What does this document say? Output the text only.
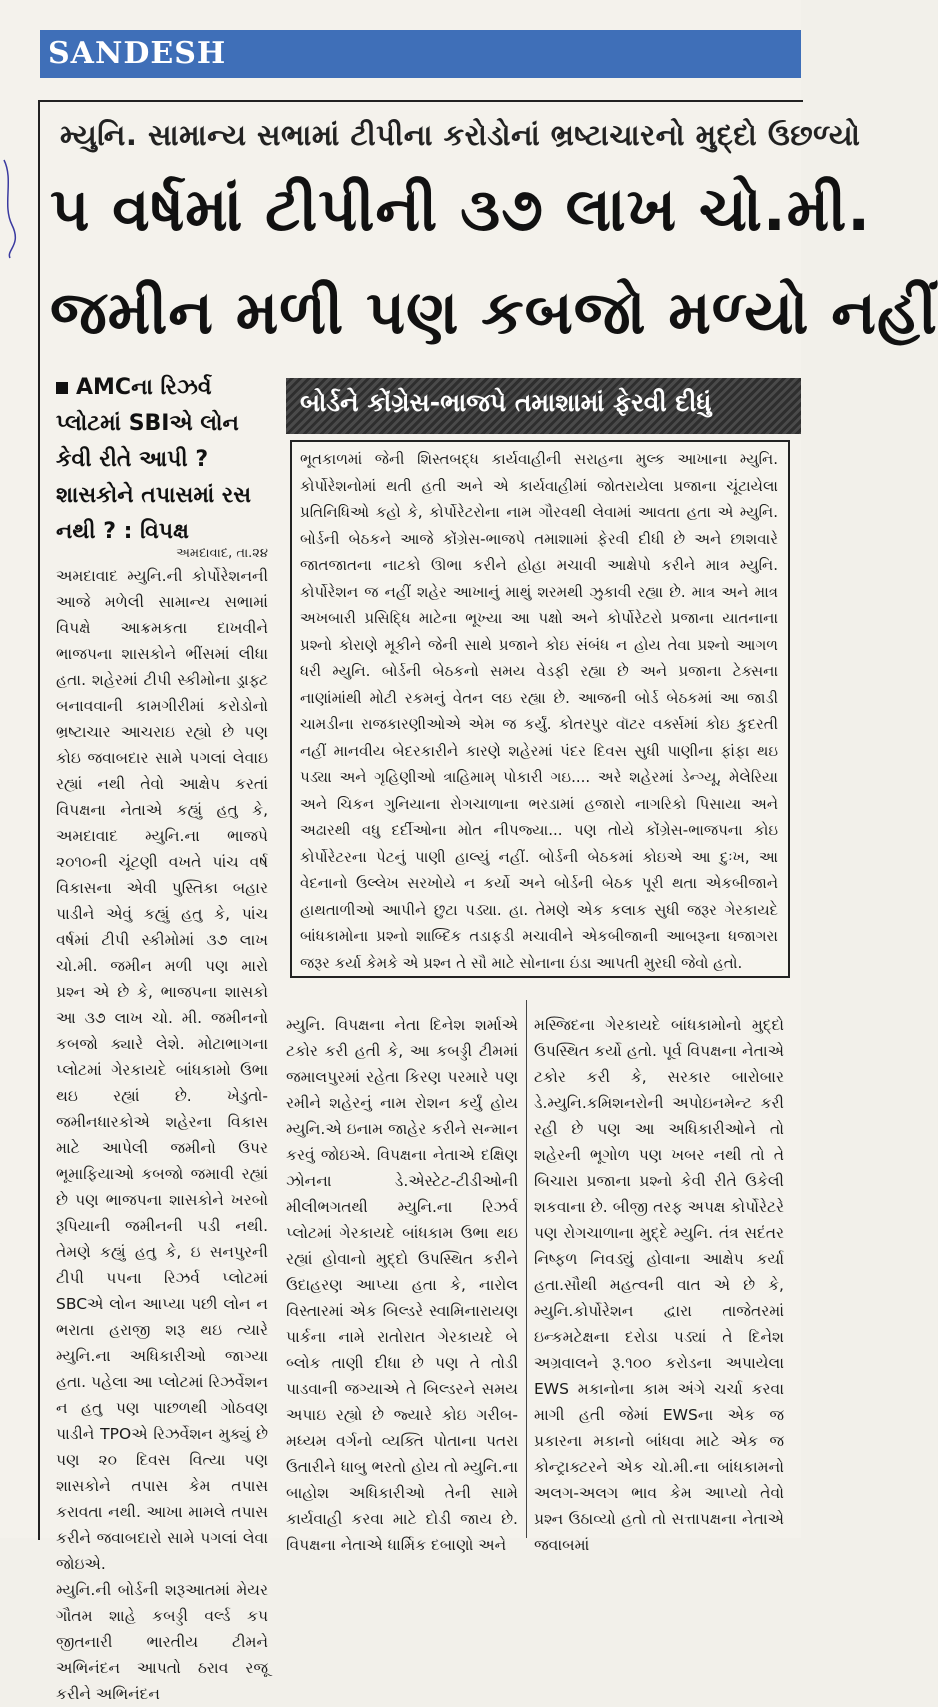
SANDESH
મ્યુનિ. સામાન્ય સભામાં ટીપીના કરોડોનાં ભ્રષ્ટાચારનો મુદ્દો ઉછળ્યો
૫ વર્ષમાં ટીપીની ૩૭ લાખ ચો.મી.
જમીન મળી પણ કબજો મળ્યો નહીં
AMCના રિઝર્વ પ્લોટમાં SBIએ લોન કેવી રીતે આપી ? શાસકોને તપાસમાં રસ નથી ? : વિપક્ષ
બોર્ડને કોંગ્રેસ-ભાજપે તમાશામાં ફેરવી દીધું

ભૂતકાળમાં જેની શિસ્તબદ્ધ કાર્યવાહીની સરાહના મુલ્ક આખાના મ્યુનિ. કોર્પોરેશનોમાં થતી હતી અને એ કાર્યવાહીમાં જોતરાયેલા પ્રજાના ચૂંટાયેલા પ્રતિનિધિઓ કહો કે, કોર્પોરેટરોના નામ ગૌરવથી લેવામાં આવતા હતા એ મ્યુનિ. બોર્ડની બેઠકને આજે કોંગ્રેસ-ભાજપે તમાશામાં ફેરવી દીધી છે અને છાશવારે જાતજાતના નાટકો ઊભા કરીને હોહા મચાવી આક્ષેપો કરીને માત્ર મ્યુનિ. કોર્પોરેશન જ નહીં શહેર આખાનું માથું શરમથી ઝુકાવી રહ્યા છે. માત્ર અને માત્ર અખબારી પ્રસિદ્ધિ માટેના ભૂખ્યા આ પક્ષો અને કોર્પોરેટરો પ્રજાના યાતનાના પ્રશ્નો કોરાણે મૂકીને જેની સાથે પ્રજાને કોઇ સંબંધ ન હોય તેવા પ્રશ્નો આગળ ધરી મ્યુનિ. બોર્ડની બેઠકનો સમય વેડફી રહ્યા છે અને પ્રજાના ટેક્સના નાણાંમાંથી મોટી રકમનું વેતન લઇ રહ્યા છે. આજની બોર્ડ બેઠકમાં આ જાડી ચામડીના રાજકારણીઓએ એમ જ કર્યું. કોતરપુર વૉટર વર્ક્સમાં કોઇ કુદરતી નહીં માનવીય બેદરકારીને કારણે શહેરમાં પંદર દિવસ સુધી પાણીના ફાંફા થઇ પડ્યા અને ગૃહિણીઓ ત્રાહિમામ્ પોકારી ગઇ.... અરે શહેરમાં ડેન્ગ્યૂ, મેલેરિયા અને ચિકન ગુનિયાના રોગચાળાના ભરડામાં હજારો નાગરિકો પિસાયા અને અઢારથી વધુ દર્દીઓના મોત નીપજ્યા... પણ તોયે કોંગ્રેસ-ભાજપના કોઇ કોર્પોરેટરના પેટનું પાણી હાલ્યું નહીં. બોર્ડની બેઠકમાં કોઇએ આ દુઃખ, આ વેદનાનો ઉલ્લેખ સરખોયે ન કર્યો અને બોર્ડની બેઠક પૂરી થતા એકબીજાને હાથતાળીઓ આપીને છુટા પડ્યા. હા. તેમણે એક કલાક સુધી જરૂર ગેરકાયદે બાંધકામોના પ્રશ્નો શાબ્દિક તડાફડી મચાવીને એકબીજાની આબરૂના ધજાગરા જરૂર કર્યા કેમકે એ પ્રશ્ન તે સૌ માટે સોનાના ઇંડા આપતી મુરઘી જેવો હતો.

અમદાવાદ, તા.૨૪

અમદાવાદ મ્યુનિ.ની કોર્પોરેશનની આજે મળેલી સામાન્ય સભામાં વિપક્ષે આક્રમકતા દાખવીને ભાજપના શાસકોને ભીંસમાં લીધા હતા. શહેરમાં ટીપી સ્કીમોના ડ્રાફ્ટ બનાવવાની કામગીરીમાં કરોડોનો ભ્રષ્ટાચાર આચરાઇ રહ્યો છે પણ કોઇ જવાબદાર સામે પગલાં લેવાઇ રહ્યાં નથી તેવો આક્ષેપ કરતાં વિપક્ષના નેતાએ કહ્યું હતુ કે, અમદાવાદ મ્યુનિ.ના ભાજપે ૨૦૧૦ની ચૂંટણી વખતે પાંચ વર્ષ વિકાસના એવી પુસ્તિકા બહાર પાડીને એવું કહ્યું હતુ કે, પાંચ વર્ષમાં ટીપી સ્કીમોમાં ૩૭ લાખ ચો.મી. જમીન મળી પણ મારો પ્રશ્ન એ છે કે, ભાજપના શાસકો આ ૩૭ લાખ ચો. મી. જમીનનો કબજો ક્યારે લેશે. મોટાભાગના પ્લોટમાં ગેરકાયદે બાંધકામો ઉભા થઇ રહ્યાં છે. ખેડુતો-જમીનધારકોએ શહેરના વિકાસ માટે આપેલી જમીનો ઉપર ભૂમાફિયાઓ કબજો જમાવી રહ્યાં છે પણ ભાજપના શાસકોને ખરબો રૂપિયાની જમીનની પડી નથી. તેમણે કહ્યું હતુ કે, ઇ સનપુરની ટીપી પપના રિઝર્વ પ્લોટમાં SBCએ લોન આપ્યા પછી લોન ન ભરાતા હરાજી શરૂ થઇ ત્યારે મ્યુનિ.ના અધિકારીઓ જાગ્યા હતા. પહેલા આ પ્લોટમાં રિઝર્વેશન ન હતુ પણ પાછળથી ગોઠવણ પાડીને TPOએ રિઝર્વેશન મુક્યું છે પણ ૨૦ દિવસ વિત્યા પણ શાસકોને તપાસ કેમ તપાસ કરાવતા નથી. આખા મામલે તપાસ કરીને જવાબદારો સામે પગલાં લેવા જોઇએ.

મ્યુનિ.ની બોર્ડની શરૂઆતમાં મેયર ગૌતમ શાહે કબડ્ડી વર્લ્ડ કપ જીતનારી ભારતીય ટીમને અભિનંદન આપતો ઠરાવ રજૂ કરીને અભિનંદન

મ્યુનિ. વિપક્ષના નેતા દિનેશ શર્માએ ટકોર કરી હતી કે, આ કબડ્ડી ટીમમાં જમાલપુરમાં રહેતા કિરણ પરમારે પણ રમીને શહેરનું નામ રોશન કર્યું હોય મ્યુનિ.એ ઇનામ જાહેર કરીને સન્માન કરવું જોઇએ. વિપક્ષના નેતાએ દક્ષિણ ઝોનના ડે.એસ્ટેટ-ટીડીઓની મીલીભગતથી મ્યુનિ.ના રિઝર્વ પ્લોટમાં ગેરકાયદે બાંધકામ ઉભા થઇ રહ્યાં હોવાનો મુદ્દો ઉપસ્થિત કરીને ઉદાહરણ આપ્યા હતા કે, નારોલ વિસ્તારમાં એક બિલ્ડરે સ્વામિનારાયણ પાર્કના નામે રાતોરાત ગેરકાયદે બે બ્લોક તાણી દીધા છે પણ તે તોડી પાડવાની જગ્યાએ તે બિલ્ડરને સમય અપાઇ રહ્યો છે જ્યારે કોઇ ગરીબ-મધ્યમ વર્ગનો વ્યક્તિ પોતાના પતરા ઉતારીને ધાબુ ભરતો હોય તો મ્યુનિ.ના બાહોશ અધિકારીઓ તેની સામે કાર્યવાહી કરવા માટે દોડી જાય છે. વિપક્ષના નેતાએ ધાર્મિક દબાણો અને

મસ્જિદના ગેરકાયદે બાંધકામોનો મુદ્દો ઉપસ્થિત કર્યો હતો. પૂર્વ વિપક્ષના નેતાએ ટકોર કરી કે, સરકાર બારોબાર ડે.મ્યુનિ.કમિશનરોની અપોઇનમેન્ટ કરી રહી છે પણ આ અધિકારીઓને તો શહેરની ભૂગોળ પણ ખબર નથી તો તે બિચારા પ્રજાના પ્રશ્નો કેવી રીતે ઉકેલી શકવાના છે. બીજી તરફ અપક્ષ કોર્પોરેટરે પણ રોગચાળાના મુદ્દે મ્યુનિ. તંત્ર સદંતર નિષ્ફળ નિવડ્યું હોવાના આક્ષેપ કર્યા હતા.સૌથી મહત્વની વાત એ છે કે, મ્યુનિ.કોર્પોરેશન દ્વારા તાજેતરમાં ઇન્કમટેક્ષના દરોડા પડ્યાં તે દિનેશ અગ્રવાલને રૂ.૧૦૦ કરોડના અપાયેલા EWS મકાનોના કામ અંગે ચર્ચા કરવા માગી હતી જેમાં EWSના એક જ પ્રકારના મકાનો બાંધવા માટે એક જ કોન્ટ્રાક્ટરને એક ચો.મી.ના બાંધકામનો અલગ-અલગ ભાવ કેમ આપ્યો તેવો પ્રશ્ન ઉઠાવ્યો હતો તો સત્તાપક્ષના નેતાએ જવાબમાં
